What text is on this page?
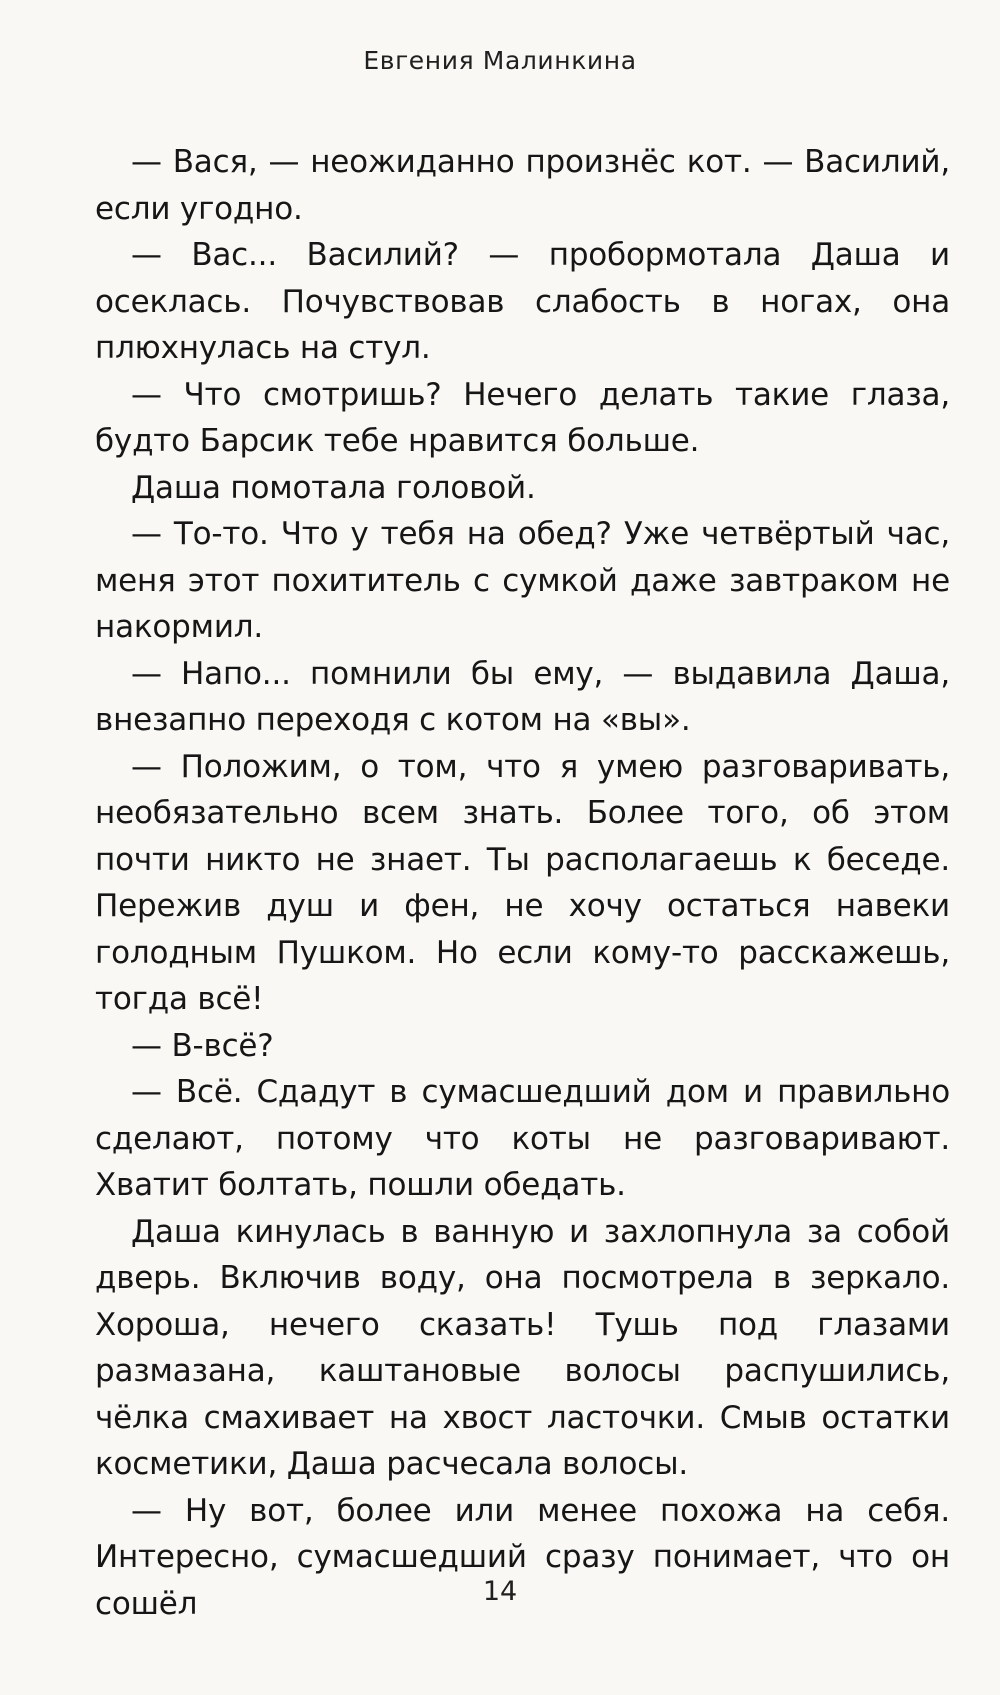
Евгения Малинкина

— Вася, — неожиданно произнёс кот. — Василий, если угодно.

— Вас... Василий? — пробормотала Даша и осеклась. Почувствовав слабость в ногах, она плюхнулась на стул.

— Что смотришь? Нечего делать такие глаза, будто Барсик тебе нравится больше.

Даша помотала головой.

— То-то. Что у тебя на обед? Уже четвёртый час, меня этот похититель с сумкой даже завтраком не накормил.

— Напо... помнили бы ему, — выдавила Даша, внезапно переходя с котом на «вы».

— Положим, о том, что я умею разговаривать, необязательно всем знать. Более того, об этом почти никто не знает. Ты располагаешь к беседе. Пережив душ и фен, не хочу остаться навеки голодным Пушком. Но если кому-то расскажешь, тогда всё!

— В-всё?

— Всё. Сдадут в сумасшедший дом и правильно сделают, потому что коты не разговаривают. Хватит болтать, пошли обедать.

Даша кинулась в ванную и захлопнула за собой дверь. Включив воду, она посмотрела в зеркало. Хороша, нечего сказать! Тушь под глазами размазана, каштановые волосы распушились, чёлка смахивает на хвост ласточки. Смыв остатки косметики, Даша расчесала волосы.

— Ну вот, более или менее похожа на себя. Интересно, сумасшедший сразу понимает, что он сошёл	14
